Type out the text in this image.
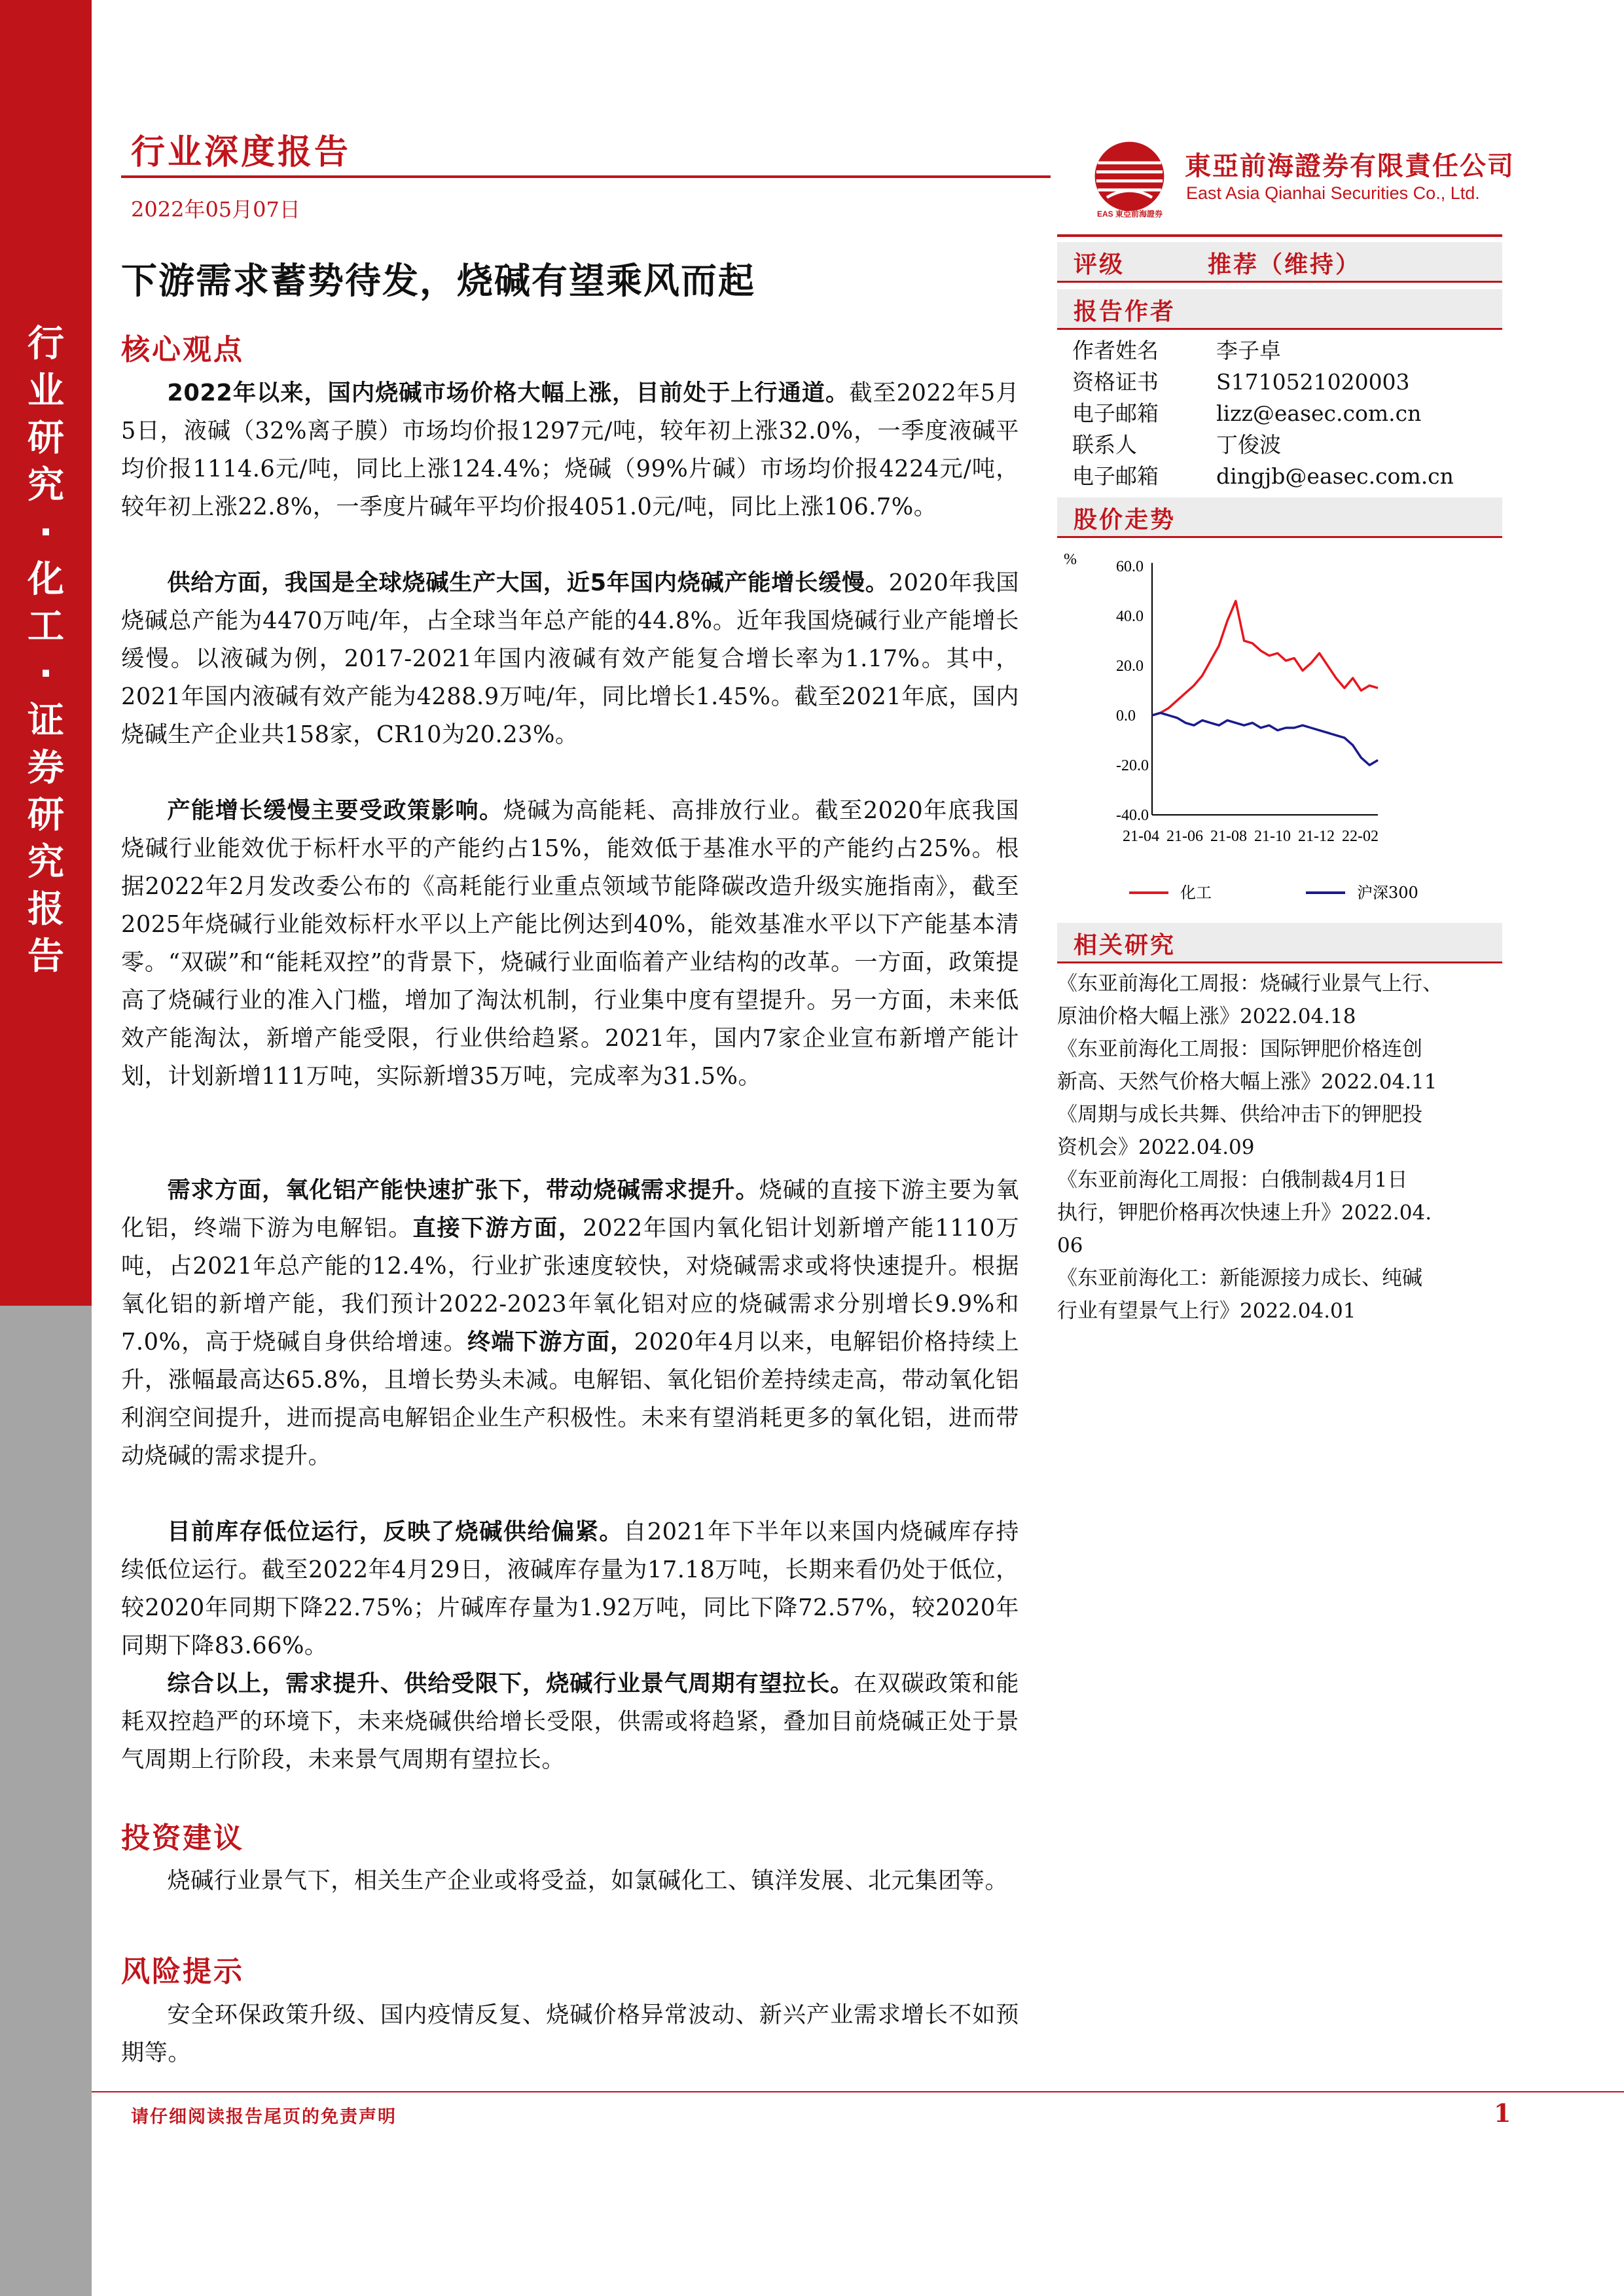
行
业
研
究
·
化
工
·
证
券
研
究
报
告
行业深度报告
2022年05月07日
東亞前海證券有限責任公司
East Asia Qianhai Securities Co., Ltd.
EAS 東亞前海證券
下游需求蓄势待发，烧碱有望乘风而起
核心观点
2022年以来，国内烧碱市场价格大幅上涨，目前处于上行通道。截至2022年5月5日，液碱（32%离子膜）市场均价报1297元/吨，较年初上涨32.0%，一季度液碱平均价报1114.6元/吨，同比上涨124.4%；烧碱（99%片碱）市场均价报4224元/吨，较年初上涨22.8%，一季度片碱年平均价报4051.0元/吨，同比上涨106.7%。
供给方面，我国是全球烧碱生产大国，近5年国内烧碱产能增长缓慢。2020年我国烧碱总产能为4470万吨/年，占全球当年总产能的44.8%。近年我国烧碱行业产能增长缓慢。以液碱为例，2017-2021年国内液碱有效产能复合增长率为1.17%。其中，2021年国内液碱有效产能为4288.9万吨/年，同比增长1.45%。截至2021年底，国内烧碱生产企业共158家，CR10为20.23%。
产能增长缓慢主要受政策影响。烧碱为高能耗、高排放行业。截至2020年底我国烧碱行业能效优于标杆水平的产能约占15%，能效低于基准水平的产能约占25%。根据2022年2月发改委公布的《高耗能行业重点领域节能降碳改造升级实施指南》，截至2025年烧碱行业能效标杆水平以上产能比例达到40%，能效基准水平以下产能基本清零。“双碳”和“能耗双控”的背景下，烧碱行业面临着产业结构的改革。一方面，政策提高了烧碱行业的准入门槛，增加了淘汰机制，行业集中度有望提升。另一方面，未来低效产能淘汰，新增产能受限，行业供给趋紧。2021年，国内7家企业宣布新增产能计划，计划新增111万吨，实际新增35万吨，完成率为31.5%。
需求方面，氧化铝产能快速扩张下，带动烧碱需求提升。烧碱的直接下游主要为氧化铝，终端下游为电解铝。直接下游方面，2022年国内氧化铝计划新增产能1110万吨，占2021年总产能的12.4%，行业扩张速度较快，对烧碱需求或将快速提升。根据氧化铝的新增产能，我们预计2022-2023年氧化铝对应的烧碱需求分别增长9.9%和7.0%，高于烧碱自身供给增速。终端下游方面，2020年4月以来，电解铝价格持续上升，涨幅最高达65.8%，且增长势头未减。电解铝、氧化铝价差持续走高，带动氧化铝利润空间提升，进而提高电解铝企业生产积极性。未来有望消耗更多的氧化铝，进而带动烧碱的需求提升。
目前库存低位运行，反映了烧碱供给偏紧。自2021年下半年以来国内烧碱库存持续低位运行。截至2022年4月29日，液碱库存量为17.18万吨，长期来看仍处于低位，较2020年同期下降22.75%；片碱库存量为1.92万吨，同比下降72.57%，较2020年同期下降83.66%。
综合以上，需求提升、供给受限下，烧碱行业景气周期有望拉长。在双碳政策和能耗双控趋严的环境下，未来烧碱供给增长受限，供需或将趋紧，叠加目前烧碱正处于景气周期上行阶段，未来景气周期有望拉长。
投资建议
烧碱行业景气下，相关生产企业或将受益，如氯碱化工、镇洋发展、北元集团等。
风险提示
安全环保政策升级、国内疫情反复、烧碱价格异常波动、新兴产业需求增长不如预期等。
评级	推荐（维持）
报告作者
作者姓名	李子卓
资格证书	S1710521020003
电子邮箱	lizz@easec.com.cn
联系人	丁俊波
电子邮箱	dingjb@easec.com.cn
股价走势
%	60.0
40.0
20.0
0.0
-20.0
-40.0
21-04 21-06 21-08 21-10 21-12 22-02
化工	沪深300
相关研究
《东亚前海化工周报：烧碱行业景气上行、
原油价格大幅上涨》2022.04.18
《东亚前海化工周报：国际钾肥价格连创
新高、天然气价格大幅上涨》2022.04.11
《周期与成长共舞、供给冲击下的钾肥投
资机会》2022.04.09
《东亚前海化工周报：白俄制裁4月1日
执行，钾肥价格再次快速上升》2022.04.
06
《东亚前海化工：新能源接力成长、纯碱
行业有望景气上行》2022.04.01
请仔细阅读报告尾页的免责声明	1
